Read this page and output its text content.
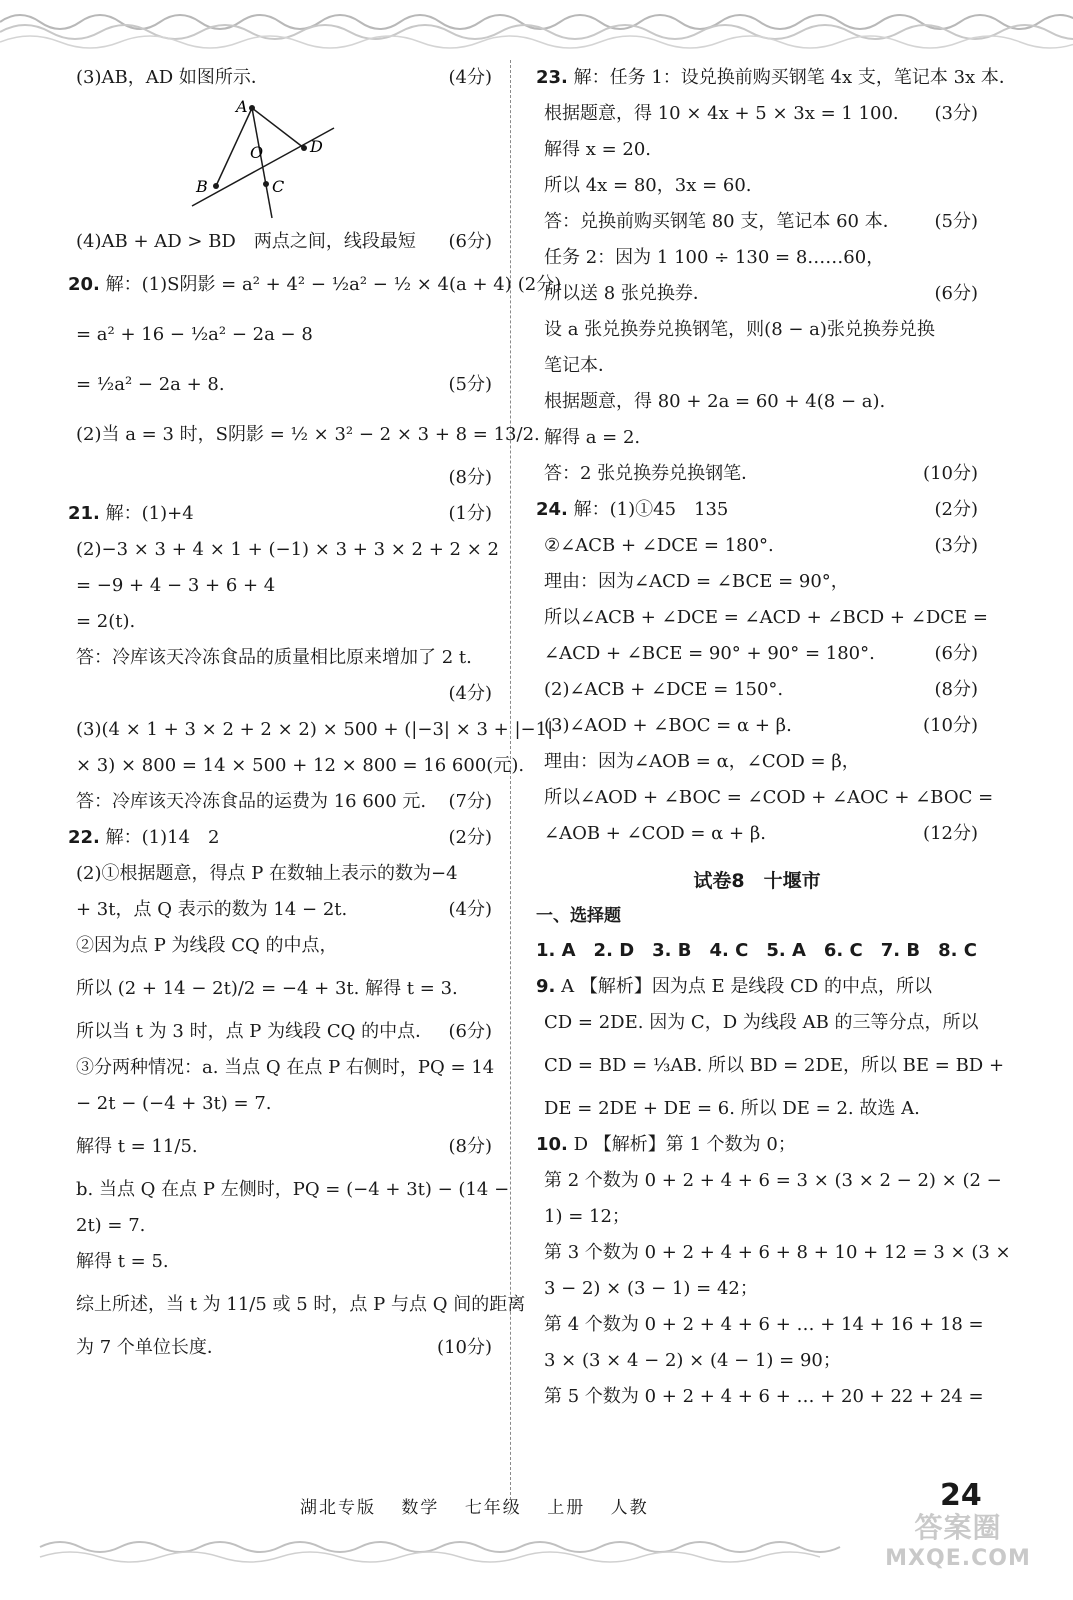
(3)AB，AD 如图所示．	(4分)
A
D
O
B	C
(4)AB + AD > BD　两点之间，线段最短	(6分)
20. 解：(1)S阴影 = a² + 4² − ½a² − ½ × 4(a + 4) (2分)
= a² + 16 − ½a² − 2a − 8
= ½a² − 2a + 8.	(5分)
(2)当 a = 3 时，S阴影 = ½ × 3² − 2 × 3 + 8 = 13/2.
(8分)
21. 解：(1)+4	(1分)
(2)−3 × 3 + 4 × 1 + (−1) × 3 + 3 × 2 + 2 × 2
= −9 + 4 − 3 + 6 + 4
= 2(t).
答：冷库该天冷冻食品的质量相比原来增加了 2 t.
(4分)
(3)(4 × 1 + 3 × 2 + 2 × 2) × 500 + (|−3| × 3 + |−1|
× 3) × 800 = 14 × 500 + 12 × 800 = 16 600(元).
答：冷库该天冷冻食品的运费为 16 600 元.	(7分)
22. 解：(1)14　2	(2分)
(2)①根据题意，得点 P 在数轴上表示的数为−4
+ 3t，点 Q 表示的数为 14 − 2t.	(4分)
②因为点 P 为线段 CQ 的中点，
所以 (2 + 14 − 2t)/2 = −4 + 3t. 解得 t = 3.
所以当 t 为 3 时，点 P 为线段 CQ 的中点． (6分)
③分两种情况：a. 当点 Q 在点 P 右侧时，PQ = 14
− 2t − (−4 + 3t) = 7.
解得 t = 11/5.	(8分)
b. 当点 Q 在点 P 左侧时，PQ = (−4 + 3t) − (14 −
2t) = 7.
解得 t = 5.
综上所述，当 t 为 11/5 或 5 时，点 P 与点 Q 间的距离
为 7 个单位长度．	(10分)
23. 解：任务 1：设兑换前购买钢笔 4x 支，笔记本 3x 本．
根据题意，得 10 × 4x + 5 × 3x = 1 100.	(3分)
解得 x = 20.
所以 4x = 80，3x = 60.
答：兑换前购买钢笔 80 支，笔记本 60 本．	(5分)
任务 2：因为 1 100 ÷ 130 = 8……60，
所以送 8 张兑换券．	(6分)
设 a 张兑换券兑换钢笔，则(8 − a)张兑换券兑换
笔记本．
根据题意，得 80 + 2a = 60 + 4(8 − a).
解得 a = 2.
答：2 张兑换券兑换钢笔．	(10分)
24. 解：(1)①45　135	(2分)
②∠ACB + ∠DCE = 180°.	(3分)
理由：因为∠ACD = ∠BCE = 90°，
所以∠ACB + ∠DCE = ∠ACD + ∠BCD + ∠DCE =
∠ACD + ∠BCE = 90° + 90° = 180°.	(6分)
(2)∠ACB + ∠DCE = 150°.	(8分)
(3)∠AOD + ∠BOC = α + β.	(10分)
理由：因为∠AOB = α，∠COD = β，
所以∠AOD + ∠BOC = ∠COD + ∠AOC + ∠BOC =
∠AOB + ∠COD = α + β.	(12分)
试卷8　十堰市
一、选择题
1. A　2. D　3. B　4. C　5. A　6. C　7. B　8. C
9. A 【解析】因为点 E 是线段 CD 的中点，所以
CD = 2DE. 因为 C，D 为线段 AB 的三等分点，所以
CD = BD = ⅓AB. 所以 BD = 2DE，所以 BE = BD +
DE = 2DE + DE = 6. 所以 DE = 2. 故选 A.
10. D 【解析】第 1 个数为 0；
第 2 个数为 0 + 2 + 4 + 6 = 3 × (3 × 2 − 2) × (2 −
1) = 12；
第 3 个数为 0 + 2 + 4 + 6 + 8 + 10 + 12 = 3 × (3 ×
3 − 2) × (3 − 1) = 42；
第 4 个数为 0 + 2 + 4 + 6 + … + 14 + 16 + 18 =
3 × (3 × 4 − 2) × (4 − 1) = 90；
第 5 个数为 0 + 2 + 4 + 6 + … + 20 + 22 + 24 =
湖北专版 数学 七年级 上册 人教	24
答案圈
MXQE.COM
